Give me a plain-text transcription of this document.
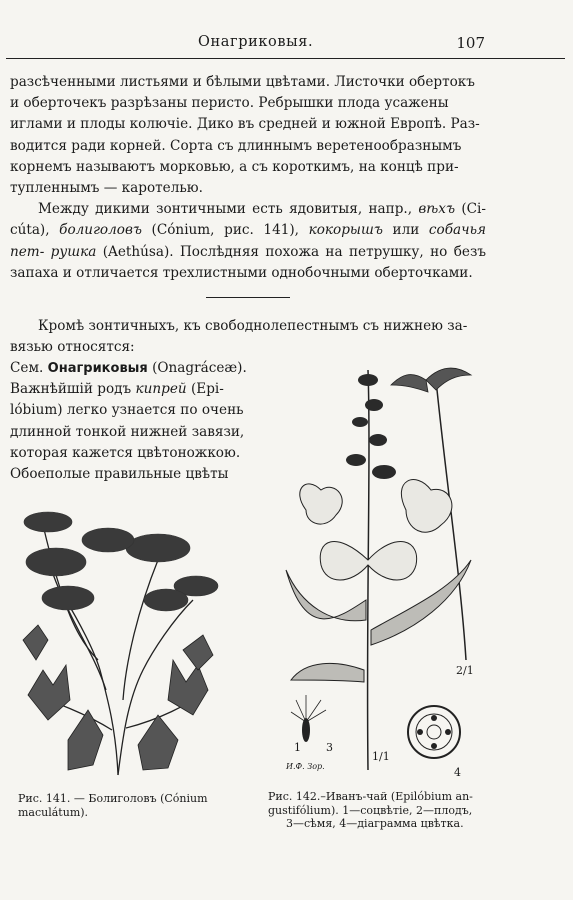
Онагриковыя.	107

разсѣченными листьями и бѣлыми цвѣтами. Листочки обертокъ

и оберточекъ разрѣзаны перисто. Ребрышки плода усажены

иглами и плоды колючіе. Дико въ средней и южной Европѣ. Раз-

водится ради корней. Сорта съ длиннымъ веретенообразнымъ

корнемъ называютъ морковью, а съ короткимъ, на концѣ при-

тупленнымъ — каротелью.

Между дикими зонтичными есть ядовитыя, напр., вѣхъ (Ci- cúta), болиголовъ (Cónium, рис. 141), кокорышъ или собачья пет- рушка (Aethúsa). Послѣдняя похожа на петрушку, но безъ запаха и отличается трехлистными однобочными оберточками.

Кромѣ зонтичныхъ, къ свободнолепестнымъ съ нижнею за-

вязью относятся:

Сем. Онагриковыя (Onagráceæ).

Важнѣйшій родъ кипрей (Epi-

lóbium) легко узнается по очень

длинной тонкой нижней завязи,

которая кажется цвѣтоножкою.

Обоеполые правильные цвѣты

1 3
1/1
2/1
4
И.Ф. Зор.
Рис. 141. — Болиголовъ (Cónium maculátum).
Рис. 142.–Иванъ-чай (Epilóbium an-
gustifólium). 1—соцвѣтіе, 2—плодъ,
3—сѣмя, 4—діаграмма цвѣтка.
